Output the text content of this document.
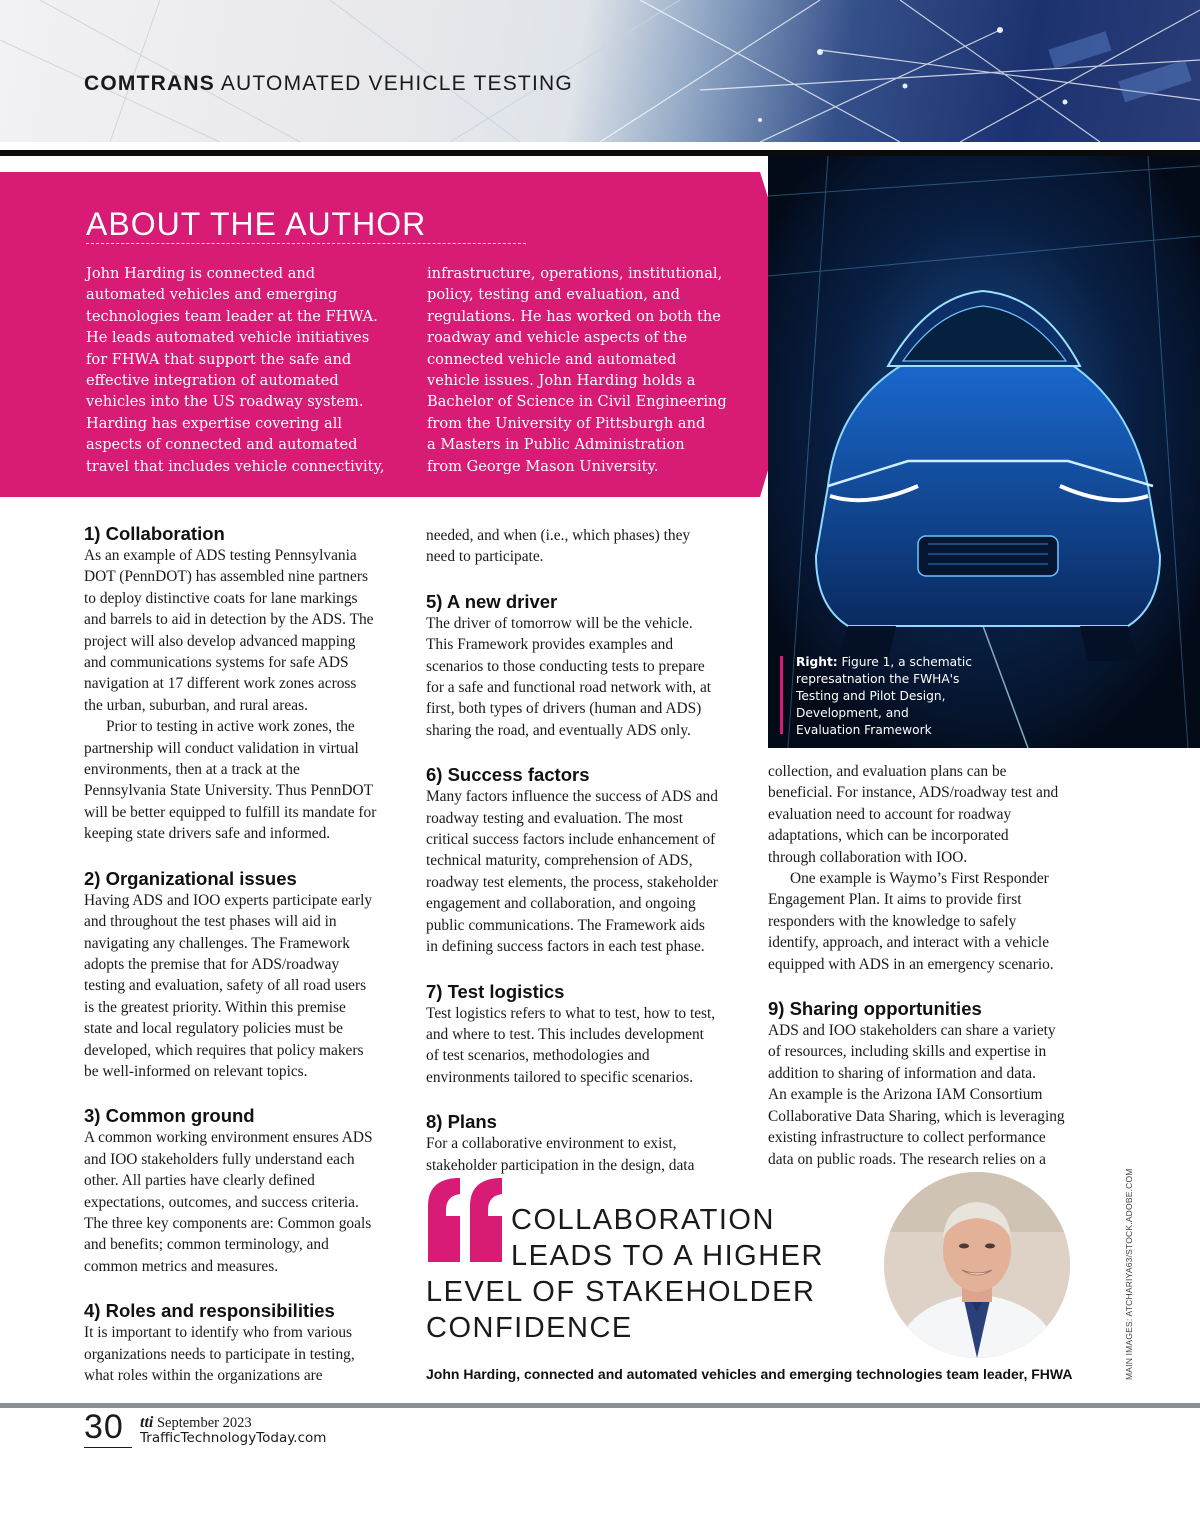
COMTRANS AUTOMATED VEHICLE TESTING
ABOUT THE AUTHOR
John Harding is connected and
automated vehicles and emerging
technologies team leader at the FHWA.
He leads automated vehicle initiatives
for FHWA that support the safe and
effective integration of automated
vehicles into the US roadway system.
Harding has expertise covering all
aspects of connected and automated
travel that includes vehicle connectivity,
infrastructure, operations, institutional,
policy, testing and evaluation, and
regulations. He has worked on both the
roadway and vehicle aspects of the
connected vehicle and automated
vehicle issues. John Harding holds a
Bachelor of Science in Civil Engineering
from the University of Pittsburgh and
a Masters in Public Administration
from George Mason University.
Right: Figure 1, a schematic
represatnation the FWHA's
Testing and Pilot Design,
Development, and
Evaluation Framework
1) Collaboration
As an example of ADS testing Pennsylvania
DOT (PennDOT) has assembled nine partners
to deploy distinctive coats for lane markings
and barrels to aid in detection by the ADS. The
project will also develop advanced mapping
and communications systems for safe ADS
navigation at 17 different work zones across
the urban, suburban, and rural areas.
Prior to testing in active work zones, the
partnership will conduct validation in virtual
environments, then at a track at the
Pennsylvania State University. Thus PennDOT
will be better equipped to fulfill its mandate for
keeping state drivers safe and informed.
2) Organizational issues
Having ADS and IOO experts participate early
and throughout the test phases will aid in
navigating any challenges. The Framework
adopts the premise that for ADS/roadway
testing and evaluation, safety of all road users
is the greatest priority. Within this premise
state and local regulatory policies must be
developed, which requires that policy makers
be well-informed on relevant topics.
3) Common ground
A common working environment ensures ADS
and IOO stakeholders fully understand each
other. All parties have clearly defined
expectations, outcomes, and success criteria.
The three key components are: Common goals
and benefits; common terminology, and
common metrics and measures.
4) Roles and responsibilities
It is important to identify who from various
organizations needs to participate in testing,
what roles within the organizations are
needed, and when (i.e., which phases) they
need to participate.
5) A new driver
The driver of tomorrow will be the vehicle.
This Framework provides examples and
scenarios to those conducting tests to prepare
for a safe and functional road network with, at
first, both types of drivers (human and ADS)
sharing the road, and eventually ADS only.
6) Success factors
Many factors influence the success of ADS and
roadway testing and evaluation. The most
critical success factors include enhancement of
technical maturity, comprehension of ADS,
roadway test elements, the process, stakeholder
engagement and collaboration, and ongoing
public communications. The Framework aids
in defining success factors in each test phase.
7) Test logistics
Test logistics refers to what to test, how to test,
and where to test. This includes development
of test scenarios, methodologies and
environments tailored to specific scenarios.
8) Plans
For a collaborative environment to exist,
stakeholder participation in the design, data
collection, and evaluation plans can be
beneficial. For instance, ADS/roadway test and
evaluation need to account for roadway
adaptations, which can be incorporated
through collaboration with IOO.
One example is Waymo’s First Responder
Engagement Plan. It aims to provide first
responders with the knowledge to safely
identify, approach, and interact with a vehicle
equipped with ADS in an emergency scenario.
9) Sharing opportunities
ADS and IOO stakeholders can share a variety
of resources, including skills and expertise in
addition to sharing of information and data.
An example is the Arizona IAM Consortium
Collaborative Data Sharing, which is leveraging
existing infrastructure to collect performance
data on public roads. The research relies on a
COLLABORATION
LEADS TO A HIGHER
LEVEL OF STAKEHOLDER
CONFIDENCE
John Harding, connected and automated vehicles and emerging technologies team leader, FHWA	MAIN IMAGES: ATCHARIYA63/STOCK.ADOBE.COM
30 tti September 2023
TrafficTechnologyToday.com
